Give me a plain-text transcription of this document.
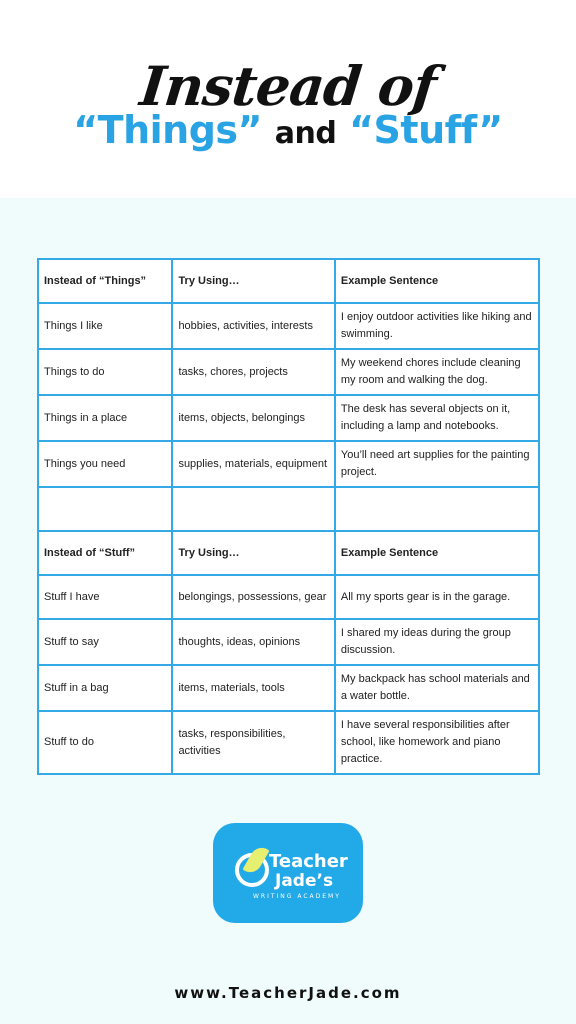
Instead of
“Things” and “Stuff”
Instead of “Things”	Try Using…	Example Sentence
Things I like	hobbies, activities, interests	I enjoy outdoor activities like hiking and swimming.
Things to do	tasks, chores, projects	My weekend chores include cleaning my room and walking the dog.
Things in a place	items, objects, belongings	The desk has several objects on it, including a lamp and notebooks.
Things you need	supplies, materials, equipment	You’ll need art supplies for the painting project.

Instead of “Stuff”	Try Using…	Example Sentence
Stuff I have	belongings, possessions, gear	All my sports gear is in the garage.
Stuff to say	thoughts, ideas, opinions	I shared my ideas during the group discussion.
Stuff in a bag	items, materials, tools	My backpack has school materials and a water bottle.
Stuff to do	tasks, responsibilities, activities	I have several responsibilities after school, like homework and piano practice.
Teacher
Jade’s
WRITING ACADEMY
www.TeacherJade.com
